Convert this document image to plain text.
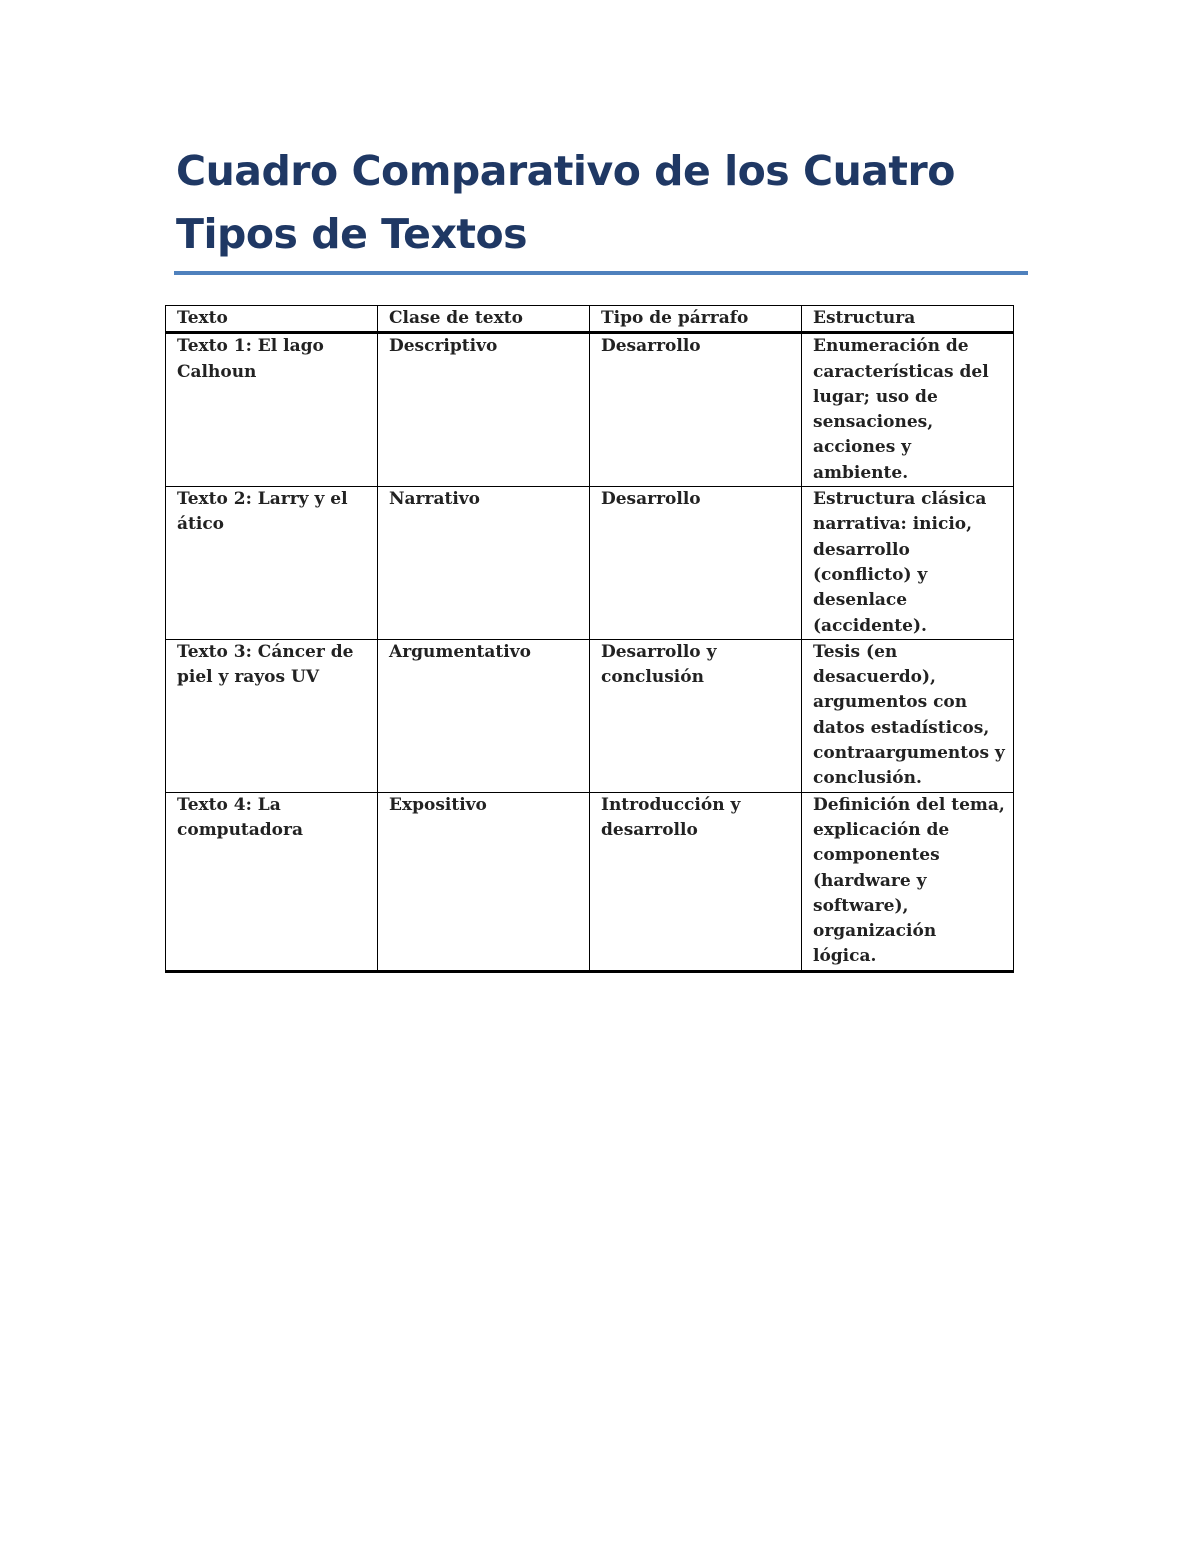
Cuadro Comparativo de los Cuatro Tipos de Textos
Texto	Clase de texto	Tipo de párrafo	Estructura
Texto 1: El lago Calhoun	Descriptivo	Desarrollo	Enumeración de características del lugar; uso de sensaciones, acciones y ambiente.
Texto 2: Larry y el ático	Narrativo	Desarrollo	Estructura clásica narrativa: inicio, desarrollo (conflicto) y desenlace (accidente).
Texto 3: Cáncer de piel y rayos UV	Argumentativo	Desarrollo y conclusión	Tesis (en desacuerdo), argumentos con datos estadísticos, contraargumentos y conclusión.
Texto 4: La computadora	Expositivo	Introducción y desarrollo	Definición del tema, explicación de componentes (hardware y software), organización lógica.
